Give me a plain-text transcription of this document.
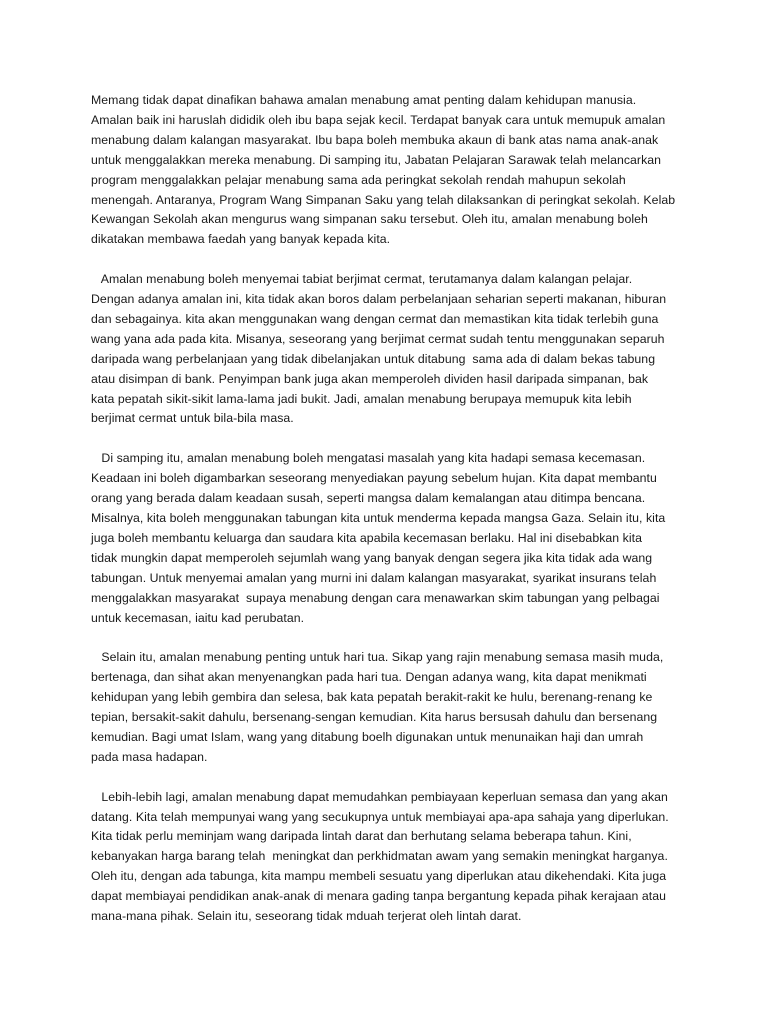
Memang tidak dapat dinafikan bahawa amalan menabung amat penting dalam kehidupan manusia.
Amalan baik ini haruslah dididik oleh ibu bapa sejak kecil. Terdapat banyak cara untuk memupuk amalan
menabung dalam kalangan masyarakat. Ibu bapa boleh membuka akaun di bank atas nama anak-anak
untuk menggalakkan mereka menabung. Di samping itu, Jabatan Pelajaran Sarawak telah melancarkan
program menggalakkan pelajar menabung sama ada peringkat sekolah rendah mahupun sekolah
menengah. Antaranya, Program Wang Simpanan Saku yang telah dilaksankan di peringkat sekolah. Kelab
Kewangan Sekolah akan mengurus wang simpanan saku tersebut. Oleh itu, amalan menabung boleh
dikatakan membawa faedah yang banyak kepada kita.

Amalan menabung boleh menyemai tabiat berjimat cermat, terutamanya dalam kalangan pelajar.
Dengan adanya amalan ini, kita tidak akan boros dalam perbelanjaan seharian seperti makanan, hiburan
dan sebagainya. kita akan menggunakan wang dengan cermat dan memastikan kita tidak terlebih guna
wang yana ada pada kita. Misanya, seseorang yang berjimat cermat sudah tentu menggunakan separuh
daripada wang perbelanjaan yang tidak dibelanjakan untuk ditabung  sama ada di dalam bekas tabung
atau disimpan di bank. Penyimpan bank juga akan memperoleh dividen hasil daripada simpanan, bak
kata pepatah sikit-sikit lama-lama jadi bukit. Jadi, amalan menabung berupaya memupuk kita lebih
berjimat cermat untuk bila-bila masa.

Di samping itu, amalan menabung boleh mengatasi masalah yang kita hadapi semasa kecemasan.
Keadaan ini boleh digambarkan seseorang menyediakan payung sebelum hujan. Kita dapat membantu
orang yang berada dalam keadaan susah, seperti mangsa dalam kemalangan atau ditimpa bencana.
Misalnya, kita boleh menggunakan tabungan kita untuk menderma kepada mangsa Gaza. Selain itu, kita
juga boleh membantu keluarga dan saudara kita apabila kecemasan berlaku. Hal ini disebabkan kita
tidak mungkin dapat memperoleh sejumlah wang yang banyak dengan segera jika kita tidak ada wang
tabungan. Untuk menyemai amalan yang murni ini dalam kalangan masyarakat, syarikat insurans telah
menggalakkan masyarakat  supaya menabung dengan cara menawarkan skim tabungan yang pelbagai
untuk kecemasan, iaitu kad perubatan.

Selain itu, amalan menabung penting untuk hari tua. Sikap yang rajin menabung semasa masih muda,
bertenaga, dan sihat akan menyenangkan pada hari tua. Dengan adanya wang, kita dapat menikmati
kehidupan yang lebih gembira dan selesa, bak kata pepatah berakit-rakit ke hulu, berenang-renang ke
tepian, bersakit-sakit dahulu, bersenang-sengan kemudian. Kita harus bersusah dahulu dan bersenang
kemudian. Bagi umat Islam, wang yang ditabung boelh digunakan untuk menunaikan haji dan umrah
pada masa hadapan.

Lebih-lebih lagi, amalan menabung dapat memudahkan pembiayaan keperluan semasa dan yang akan
datang. Kita telah mempunyai wang yang secukupnya untuk membiayai apa-apa sahaja yang diperlukan.
Kita tidak perlu meminjam wang daripada lintah darat dan berhutang selama beberapa tahun. Kini,
kebanyakan harga barang telah  meningkat dan perkhidmatan awam yang semakin meningkat harganya.
Oleh itu, dengan ada tabunga, kita mampu membeli sesuatu yang diperlukan atau dikehendaki. Kita juga
dapat membiayai pendidikan anak-anak di menara gading tanpa bergantung kepada pihak kerajaan atau
mana-mana pihak. Selain itu, seseorang tidak mduah terjerat oleh lintah darat.
